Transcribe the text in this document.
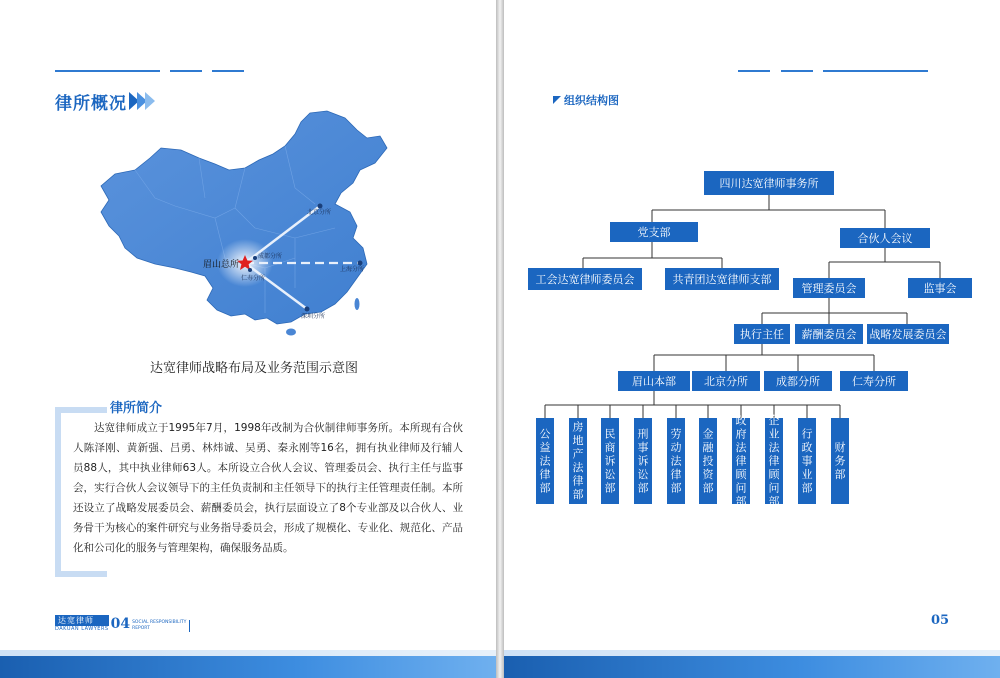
律所概况
眉山总所
北京分所
成都分所
仁寿分所
上海分所
深圳分所
达宽律师战略布局及业务范围示意图
律所简介
达宽律师成立于1995年7月，1998年改制为合伙制律师事务所。本所现有合伙人陈泽刚、黄新强、吕勇、林炜诚、吴勇、秦永刚等16名，拥有执业律师及行辅人员88人，其中执业律师63人。本所设立合伙人会议、管理委员会、执行主任与监事会，实行合伙人会议领导下的主任负责制和主任领导下的执行主任管理责任制。本所还设立了战略发展委员会、薪酬委员会，执行层面设立了8个专业部及以合伙人、业务骨干为核心的案件研究与业务指导委员会，形成了规模化、专业化、规范化、产品化和公司化的服务与管理架构，确保服务品质。
达宽律师
DAKUAN LAWYERS 04 SOCIAL RESPONSIBILITY
REPORT
组织结构图
四川达宽律师事务所
党支部	合伙人会议
工会达宽律师委员会	共青团达宽律师支部
管理委员会	监事会
执行主任 薪酬委员会 战略发展委员会
眉山本部	北京分所	成都分所	仁寿分所
公益法律部
房地产法律部
民商诉讼部
刑事诉讼部
劳动法律部
金融投资部
政府法律顾问部
企业法律顾问部
行政事业部
财务部
05
